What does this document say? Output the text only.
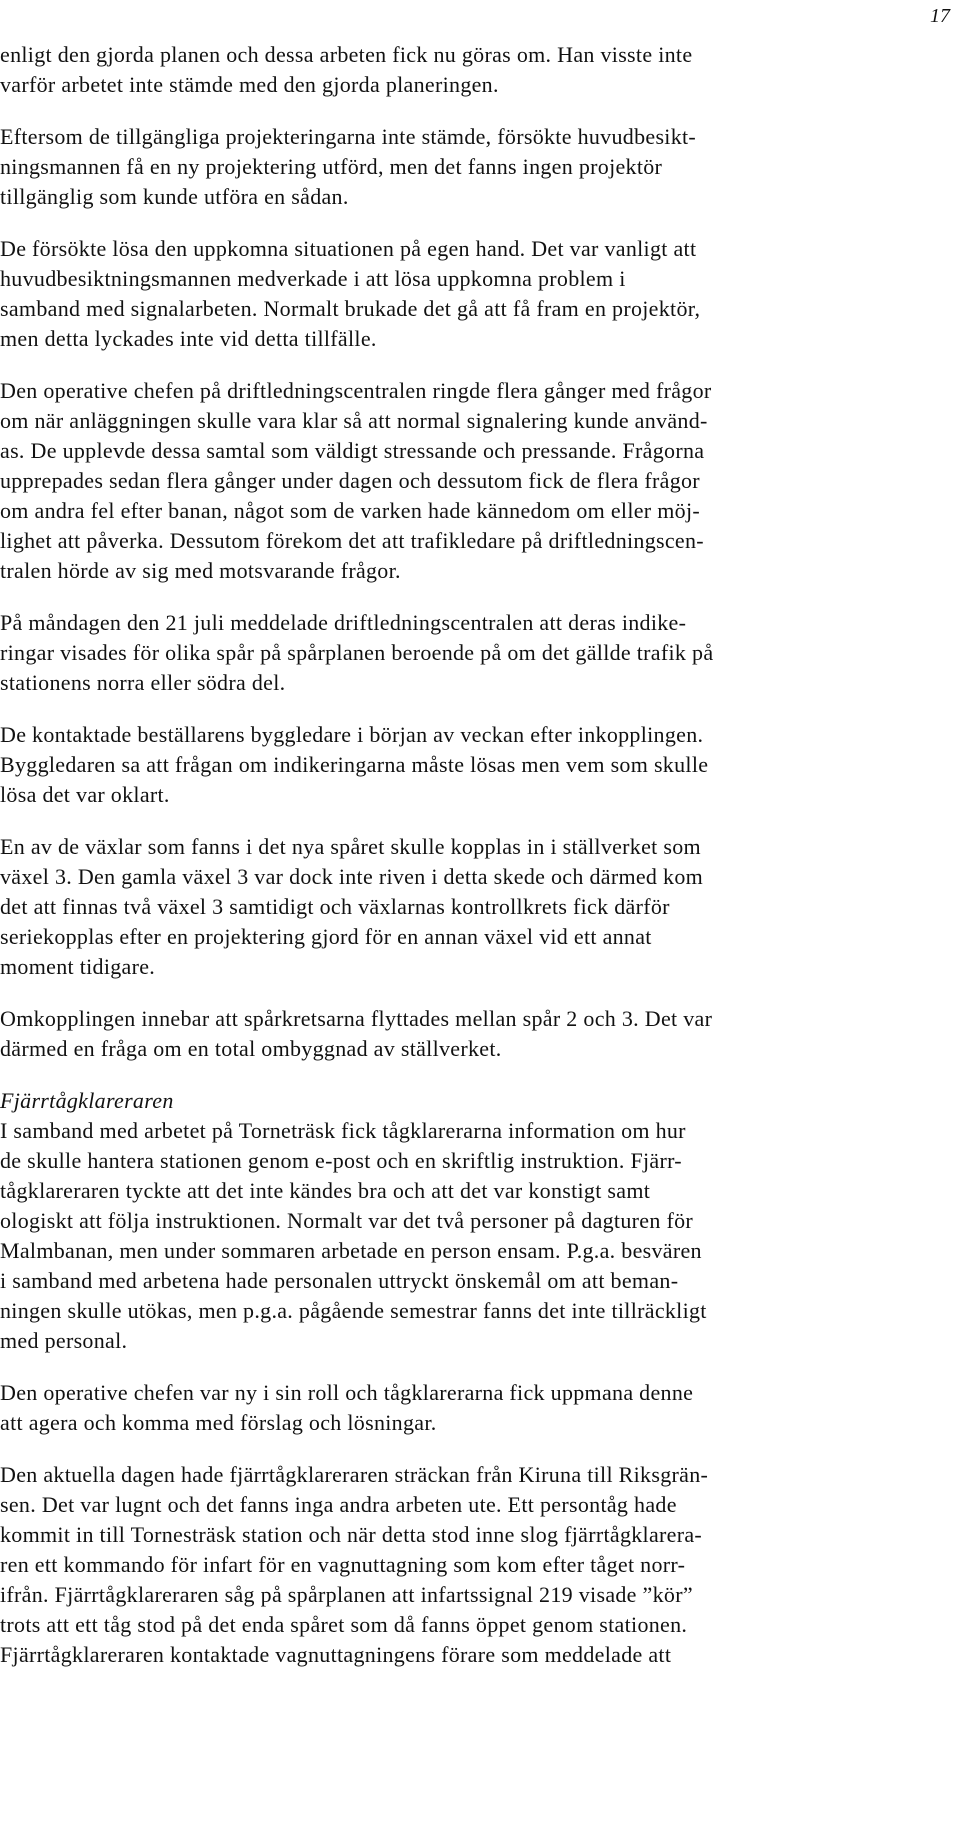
17
enligt den gjorda planen och dessa arbeten fick nu göras om. Han visste inte
varför arbetet inte stämde med den gjorda planeringen.
Eftersom de tillgängliga projekteringarna inte stämde, försökte huvudbesikt-
ningsmannen få en ny projektering utförd, men det fanns ingen projektör
tillgänglig som kunde utföra en sådan.
De försökte lösa den uppkomna situationen på egen hand. Det var vanligt att
huvudbesiktningsmannen medverkade i att lösa uppkomna problem i
samband med signalarbeten. Normalt brukade det gå att få fram en projektör,
men detta lyckades inte vid detta tillfälle.
Den operative chefen på driftledningscentralen ringde flera gånger med frågor
om när anläggningen skulle vara klar så att normal signalering kunde använd-
as. De upplevde dessa samtal som väldigt stressande och pressande. Frågorna
upprepades sedan flera gånger under dagen och dessutom fick de flera frågor
om andra fel efter banan, något som de varken hade kännedom om eller möj-
lighet att påverka. Dessutom förekom det att trafikledare på driftledningscen-
tralen hörde av sig med motsvarande frågor.
På måndagen den 21 juli meddelade driftledningscentralen att deras indike-
ringar visades för olika spår på spårplanen beroende på om det gällde trafik på
stationens norra eller södra del.
De kontaktade beställarens byggledare i början av veckan efter inkopplingen.
Byggledaren sa att frågan om indikeringarna måste lösas men vem som skulle
lösa det var oklart.
En av de växlar som fanns i det nya spåret skulle kopplas in i ställverket som
växel 3. Den gamla växel 3 var dock inte riven i detta skede och därmed kom
det att finnas två växel 3 samtidigt och växlarnas kontrollkrets fick därför
seriekopplas efter en projektering gjord för en annan växel vid ett annat
moment tidigare.
Omkopplingen innebar att spårkretsarna flyttades mellan spår 2 och 3. Det var
därmed en fråga om en total ombyggnad av ställverket.
Fjärrtågklareraren
I samband med arbetet på Torneträsk fick tågklarerarna information om hur
de skulle hantera stationen genom e-post och en skriftlig instruktion. Fjärr-
tågklareraren tyckte att det inte kändes bra och att det var konstigt samt
ologiskt att följa instruktionen. Normalt var det två personer på dagturen för
Malmbanan, men under sommaren arbetade en person ensam. P.g.a. besvären
i samband med arbetena hade personalen uttryckt önskemål om att beman-
ningen skulle utökas, men p.g.a. pågående semestrar fanns det inte tillräckligt
med personal.
Den operative chefen var ny i sin roll och tågklarerarna fick uppmana denne
att agera och komma med förslag och lösningar.
Den aktuella dagen hade fjärrtågklareraren sträckan från Kiruna till Riksgrän-
sen. Det var lugnt och det fanns inga andra arbeten ute. Ett persontåg hade
kommit in till Tornesträsk station och när detta stod inne slog fjärrtågklarera-
ren ett kommando för infart för en vagnuttagning som kom efter tåget norr-
ifrån. Fjärrtågklareraren såg på spårplanen att infartssignal 219 visade ”kör”
trots att ett tåg stod på det enda spåret som då fanns öppet genom stationen.
Fjärrtågklareraren kontaktade vagnuttagningens förare som meddelade att
